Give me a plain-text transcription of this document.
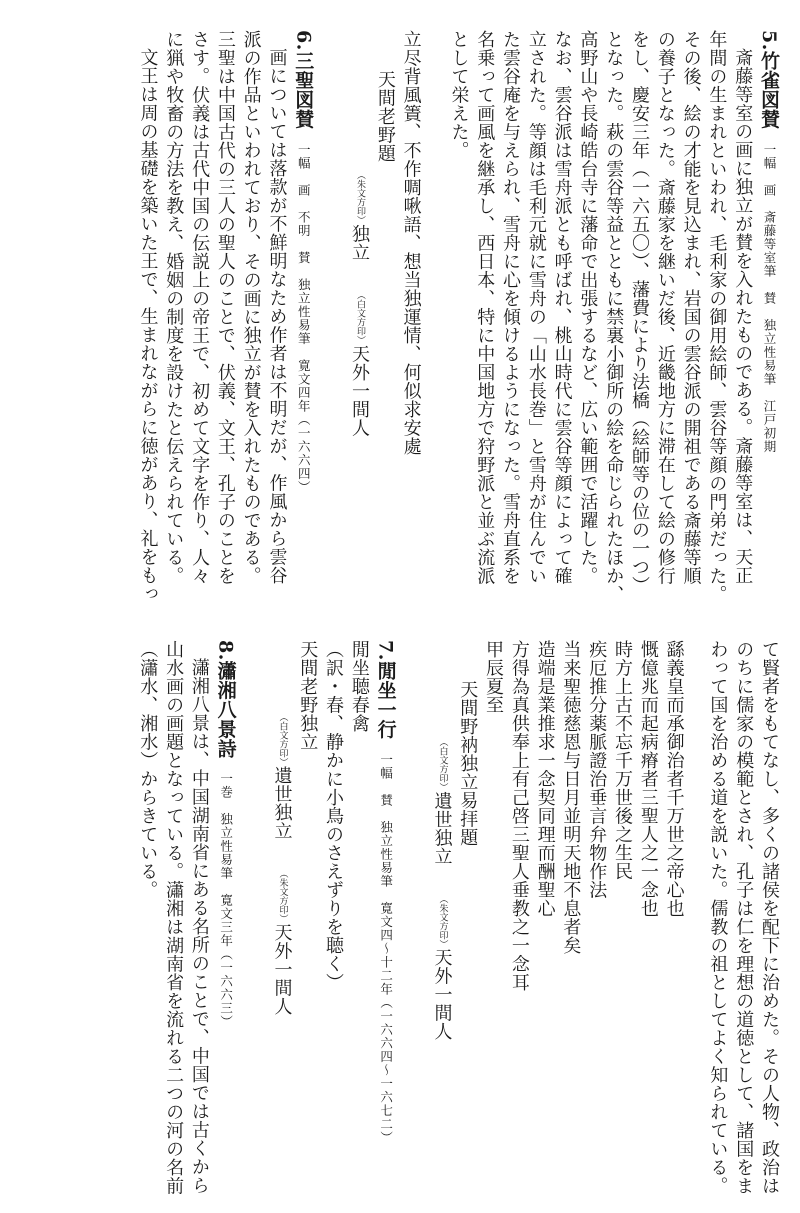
5.竹雀図賛一幅　画　斎藤等室筆　賛　独立性易筆　江戸初期
斎藤等室の画に独立が賛を入れたものである。斎藤等室は、天正
年間の生まれといわれ、毛利家の御用絵師、雲谷等顔の門弟だった。
その後、絵の才能を見込まれ、岩国の雲谷派の開祖である斎藤等順
の養子となった。斎藤家を継いだ後、近畿地方に滞在して絵の修行
をし、慶安三年（一六五〇）、藩費により法橋（絵師等の位の一つ）
となった。萩の雲谷等益とともに禁裏小御所の絵を命じられたほか、
高野山や長崎皓台寺に藩命で出張するなど、広い範囲で活躍した。
なお、雲谷派は雪舟派とも呼ばれ、桃山時代に雲谷等顔によって確
立された。等顔は毛利元就に雪舟の「山水長巻」と雪舟が住んでい
た雲谷庵を与えられ、雪舟に心を傾けるようになった。雪舟直系を
名乗って画風を継承し、西日本、特に中国地方で狩野派と並ぶ流派
として栄えた。
立尽背風簀、不作啁啾語、想当独運情、何似求安處
天間老野題
$^{(朱文方印)}$独立$^{(白文方印)}$天外一間人
6.三聖図賛一幅　画　不明　賛　独立性易筆　寛文四年（一六六四）
画については落款が不鮮明なため作者は不明だが、作風から雲谷
派の作品といわれており、その画に独立が賛を入れたものである。
三聖は中国古代の三人の聖人のことで、伏義、文王、孔子のことを
さす。伏義は古代中国の伝説上の帝王で、初めて文字を作り、人々
に猟や牧畜の方法を教え、婚姻の制度を設けたと伝えられている。
文王は周の基礎を築いた王で、生まれながらに徳があり、礼をもっ
て賢者をもてなし、多くの諸侯を配下に治めた。その人物、政治は
のちに儒家の模範とされ、孔子は仁を理想の道徳として、諸国をま
わって国を治める道を説いた。儒教の祖としてよく知られている。
繇義皇而承御治者千万世之帝心也
慨億兆而起病瘠者三聖人之一念也
時方上古不忘千万世後之生民
疾厄推分薬脈證治垂言弁物作法
当来聖徳慈恩与日月並明天地不息者矣
造端是業推求一念契同理而酬聖心
方得為真供奉上有己啓三聖人垂教之一念耳
甲辰夏至
天間野衲独立易拝題
$^{(白文方印)}$遺世独立$^{(朱文方印)}$天外一間人
7.閒坐一行一幅　賛　独立性易筆　寛文四〜十二年（一六六四〜一六七二）
閒坐聴春禽
（訳・春、静かに小鳥のさえずりを聴く）
天間老野独立
$^{(白文方印)}$遺世独立$^{(朱文方印)}$天外一間人
8.瀟湘八景詩一巻　独立性易筆　寛文三年（一六六三）
瀟湘八景は、中国湖南省にある名所のことで、中国では古くから
山水画の画題となっている。瀟湘は湖南省を流れる二つの河の名前
（瀟水、湘水）からきている。
